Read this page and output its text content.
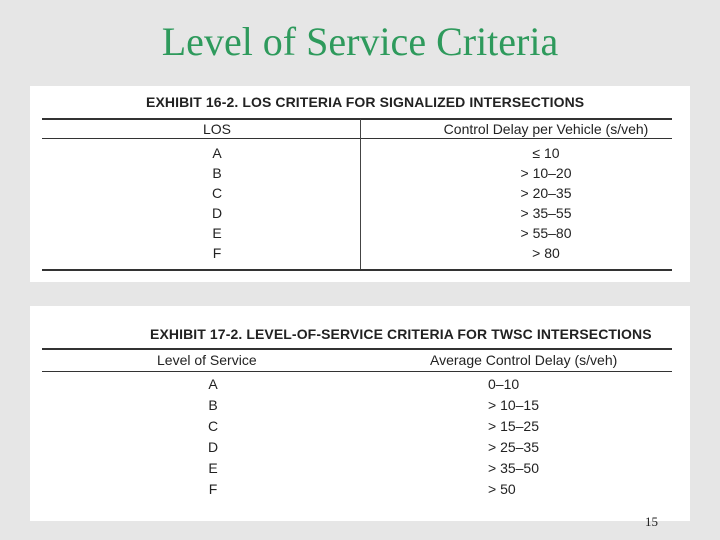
Level of Service Criteria
EXHIBIT 16-2. LOS CRITERIA FOR SIGNALIZED INTERSECTIONS
LOS	Control Delay per Vehicle (s/veh)
A	≤ 10
B	> 10–20
C	> 20–35
D	> 35–55
E	> 55–80
F	> 80
EXHIBIT 17-2. LEVEL-OF-SERVICE CRITERIA FOR TWSC INTERSECTIONS
Level of Service	Average Control Delay (s/veh)
A	0–10
B	> 10–15
C	> 15–25
D	> 25–35
E	> 35–50
F	> 50
15
